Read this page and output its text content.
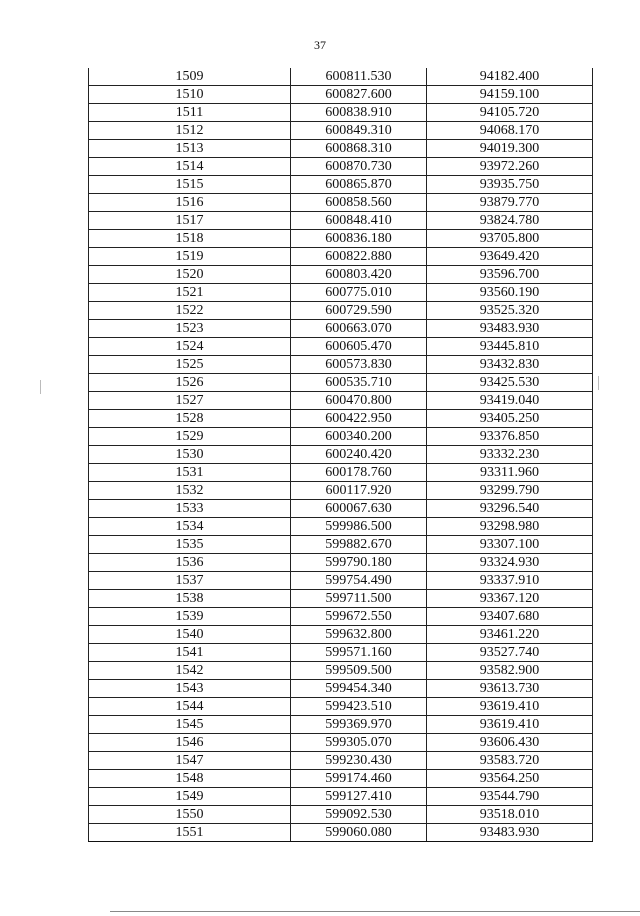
37
1509	600811.530	94182.400
1510	600827.600	94159.100
1511	600838.910	94105.720
1512	600849.310	94068.170
1513	600868.310	94019.300
1514	600870.730	93972.260
1515	600865.870	93935.750
1516	600858.560	93879.770
1517	600848.410	93824.780
1518	600836.180	93705.800
1519	600822.880	93649.420
1520	600803.420	93596.700
1521	600775.010	93560.190
1522	600729.590	93525.320
1523	600663.070	93483.930
1524	600605.470	93445.810
1525	600573.830	93432.830
1526	600535.710	93425.530
1527	600470.800	93419.040
1528	600422.950	93405.250
1529	600340.200	93376.850
1530	600240.420	93332.230
1531	600178.760	93311.960
1532	600117.920	93299.790
1533	600067.630	93296.540
1534	599986.500	93298.980
1535	599882.670	93307.100
1536	599790.180	93324.930
1537	599754.490	93337.910
1538	599711.500	93367.120
1539	599672.550	93407.680
1540	599632.800	93461.220
1541	599571.160	93527.740
1542	599509.500	93582.900
1543	599454.340	93613.730
1544	599423.510	93619.410
1545	599369.970	93619.410
1546	599305.070	93606.430
1547	599230.430	93583.720
1548	599174.460	93564.250
1549	599127.410	93544.790
1550	599092.530	93518.010
1551	599060.080	93483.930
